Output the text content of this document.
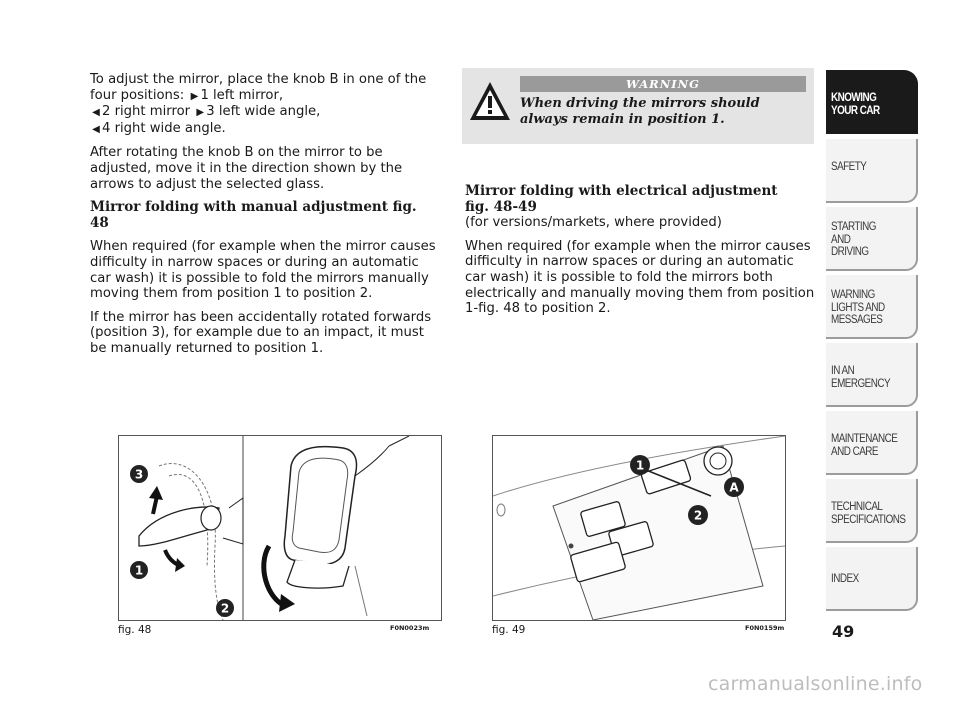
To adjust the mirror, place the knob B in one of the four positions: ▶ 1 left mirror,
◀ 2 right mirror ▶ 3 left wide angle,
◀ 4 right wide angle.

After rotating the knob B on the mirror to be adjusted, move it in the direction shown by the arrows to adjust the selected glass.

Mirror folding with manual adjustment fig. 48

When required (for example when the mirror causes difficulty in narrow spaces or during an automatic car wash) it is possible to fold the mirrors manually moving them from position 1 to position 2.

If the mirror has been accidentally rotated forwards (position 3), for example due to an impact, it must be manually returned to position 1.

WARNING
When driving the mirrors should always remain in position 1.
Mirror folding with electrical adjustment
fig. 48-49

(for versions/markets, where provided)

When required (for example when the mirror causes difficulty in narrow spaces or during an automatic car wash) it is possible to fold the mirrors both electrically and manually moving them from position 1-fig. 48 to position 2.

3
1
2
fig. 48	F0N0023m
1
A
2
fig. 49	F0N0159m
KNOWING
YOUR CAR
SAFETY
STARTING
AND
DRIVING
WARNING
LIGHTS AND
MESSAGES
IN AN
EMERGENCY
MAINTENANCE
AND CARE
TECHNICAL
SPECIFICATIONS
INDEX
49
carmanualsonline.info
